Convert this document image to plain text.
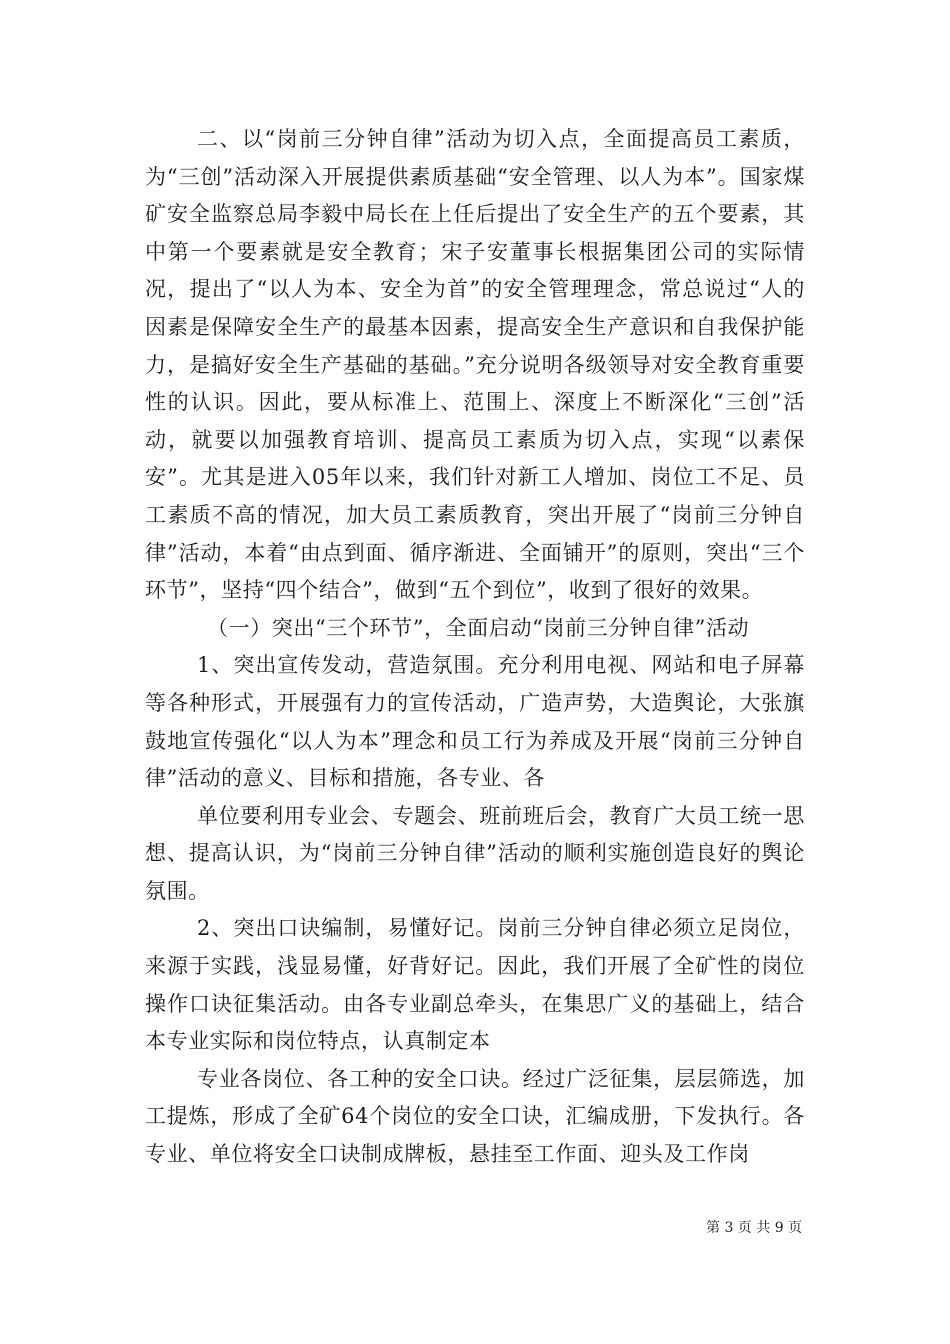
二、以“岗前三分钟自律”活动为切入点，全面提高员工素质，为“三创”活动深入开展提供素质基础“安全管理、以人为本”。国家煤矿安全监察总局李毅中局长在上任后提出了安全生产的五个要素，其中第一个要素就是安全教育；宋子安董事长根据集团公司的实际情况，提出了“以人为本、安全为首”的安全管理理念，常总说过“人的因素是保障安全生产的最基本因素，提高安全生产意识和自我保护能力，是搞好安全生产基础的基础。”充分说明各级领导对安全教育重要性的认识。因此，要从标准上、范围上、深度上不断深化“三创”活动，就要以加强教育培训、提高员工素质为切入点，实现“以素保安”。尤其是进入05年以来，我们针对新工人增加、岗位工不足、员工素质不高的情况，加大员工素质教育，突出开展了“岗前三分钟自律”活动，本着“由点到面、循序渐进、全面铺开”的原则，突出“三个环节”，坚持“四个结合”，做到“五个到位”，收到了很好的效果。

（一）突出“三个环节”，全面启动“岗前三分钟自律”活动

1、突出宣传发动，营造氛围。充分利用电视、网站和电子屏幕等各种形式，开展强有力的宣传活动，广造声势，大造舆论，大张旗鼓地宣传强化“以人为本”理念和员工行为养成及开展“岗前三分钟自律”活动的意义、目标和措施，各专业、各

单位要利用专业会、专题会、班前班后会，教育广大员工统一思想、提高认识，为“岗前三分钟自律”活动的顺利实施创造良好的舆论氛围。

2、突出口诀编制，易懂好记。岗前三分钟自律必须立足岗位，来源于实践，浅显易懂，好背好记。因此，我们开展了全矿性的岗位操作口诀征集活动。由各专业副总牵头，在集思广义的基础上，结合本专业实际和岗位特点，认真制定本

专业各岗位、各工种的安全口诀。经过广泛征集，层层筛选，加工提炼，形成了全矿64个岗位的安全口诀，汇编成册，下发执行。各专业、单位将安全口诀制成牌板，悬挂至工作面、迎头及工作岗

第 3 页 共 9 页
